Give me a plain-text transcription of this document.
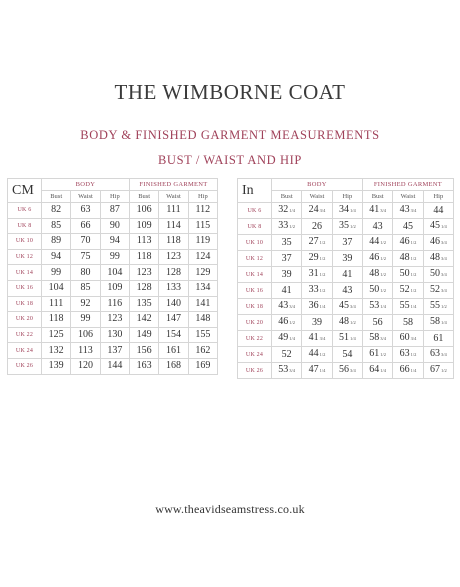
THE WIMBORNE COAT
BODY & FINISHED GARMENT MEASUREMENTS
BUST / WAIST AND HIP
CM	BODY			FINISHED GARMENT		
	Bust	Waist	Hip	Bust	Waist	Hip
UK 6	82	63	87	106	111	112
UK 8	85	66	90	109	114	115
UK 10	89	70	94	113	118	119
UK 12	94	75	99	118	123	124
UK 14	99	80	104	123	128	129
UK 16	104	85	109	128	133	134
UK 18	111	92	116	135	140	141
UK 20	118	99	123	142	147	148
UK 22	125	106	130	149	154	155
UK 24	132	113	137	156	161	162
UK 26	139	120	144	163	168	169
In	BODY			FINISHED GARMENT		
	Bust	Waist	Hip	Bust	Waist	Hip
UK 6	321/4	243/4	341/4	413/4	433/4	44
UK 8	331/2	26	351/2	43	45	451/4
UK 10	35	271/2	37	441/2	461/2	463/4
UK 12	37	291/2	39	461/2	481/2	483/4
UK 14	39	311/2	41	481/2	501/2	503/4
UK 16	41	331/2	43	501/2	521/2	523/4
UK 18	433/4	361/4	453/4	531/4	551/4	551/2
UK 20	461/2	39	481/2	56	58	581/4
UK 22	491/4	413/4	511/4	583/4	603/4	61
UK 24	52	441/2	54	611/2	631/2	633/4
UK 26	533/4	471/4	563/4	641/4	661/4	671/2
www.theavidseamstress.co.uk
